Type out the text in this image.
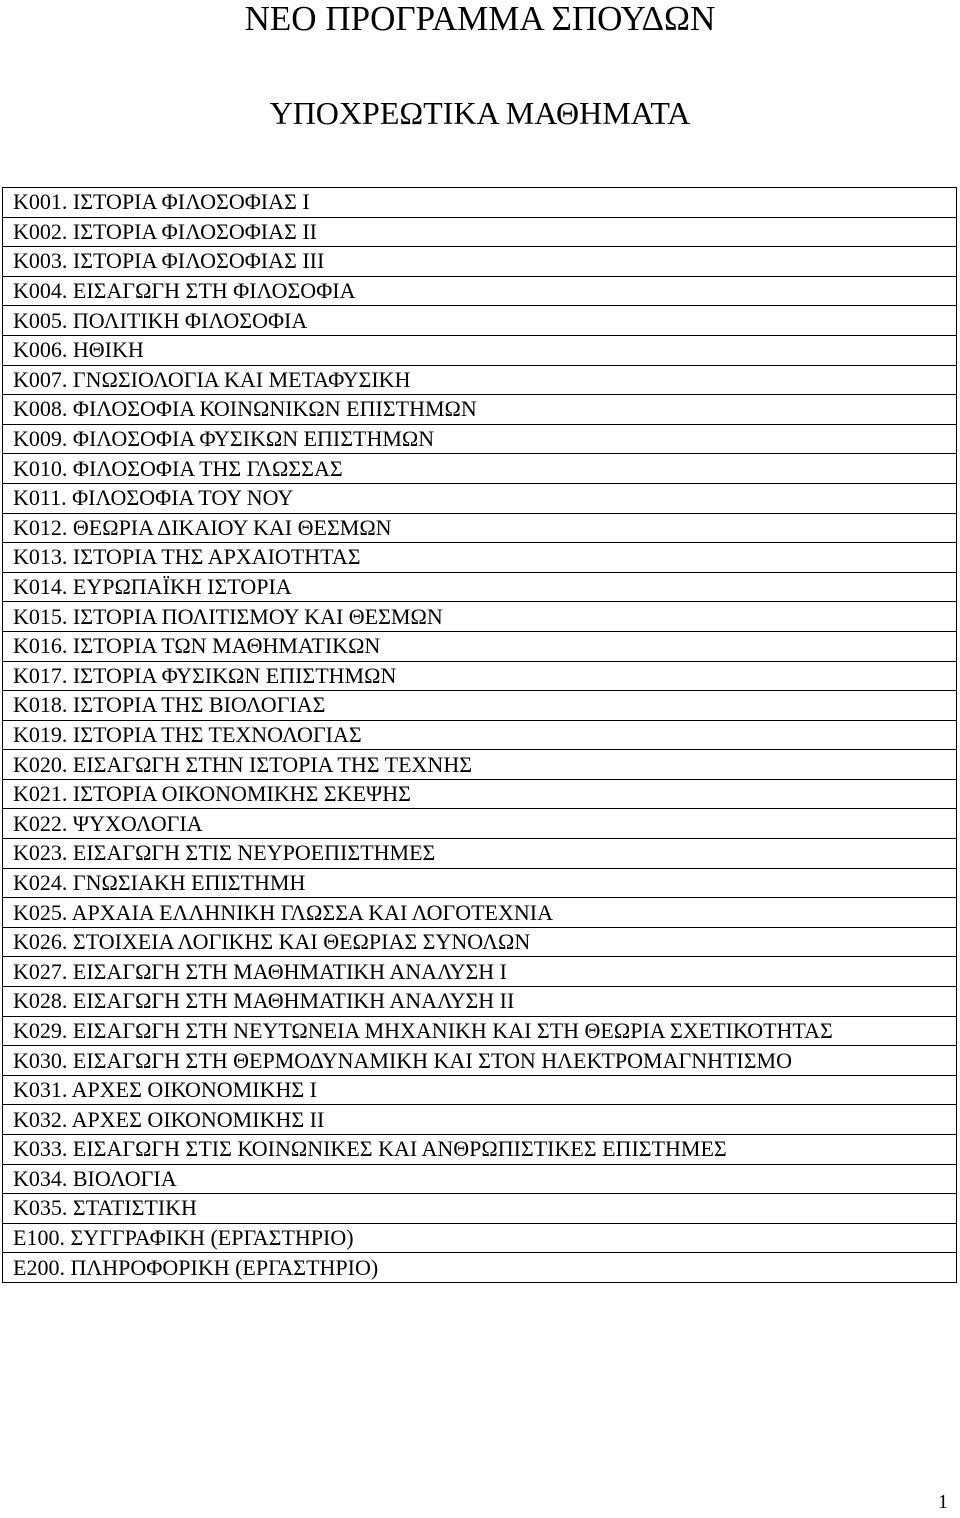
ΝΕΟ ΠΡΟΓΡΑΜΜΑ ΣΠΟΥΔΩΝ
ΥΠΟΧΡΕΩΤΙΚΑ ΜΑΘΗΜΑΤΑ
Κ001. ΙΣΤΟΡΙΑ ΦΙΛΟΣΟΦΙΑΣ Ι
Κ002. ΙΣΤΟΡΙΑ ΦΙΛΟΣΟΦΙΑΣ ΙΙ
Κ003. ΙΣΤΟΡΙΑ ΦΙΛΟΣΟΦΙΑΣ ΙΙΙ
Κ004. ΕΙΣΑΓΩΓΗ ΣΤΗ ΦΙΛΟΣΟΦΙΑ
Κ005. ΠΟΛΙΤΙΚΗ ΦΙΛΟΣΟΦΙΑ
Κ006. ΗΘΙΚΗ
Κ007. ΓΝΩΣΙΟΛΟΓΙΑ ΚΑΙ ΜΕΤΑΦΥΣΙΚΗ
Κ008. ΦΙΛΟΣΟΦΙΑ ΚΟΙΝΩΝΙΚΩΝ ΕΠΙΣΤΗΜΩΝ
Κ009. ΦΙΛΟΣΟΦΙΑ ΦΥΣΙΚΩΝ ΕΠΙΣΤΗΜΩΝ
Κ010. ΦΙΛΟΣΟΦΙΑ ΤΗΣ ΓΛΩΣΣΑΣ
Κ011. ΦΙΛΟΣΟΦΙΑ ΤΟΥ ΝΟΥ
Κ012. ΘΕΩΡΙΑ ΔΙΚΑΙΟΥ ΚΑΙ ΘΕΣΜΩΝ
Κ013. ΙΣΤΟΡΙΑ ΤΗΣ ΑΡΧΑΙΟΤΗΤΑΣ
Κ014. ΕΥΡΩΠΑΪΚΗ ΙΣΤΟΡΙΑ
Κ015. ΙΣΤΟΡΙΑ ΠΟΛΙΤΙΣΜΟΥ ΚΑΙ ΘΕΣΜΩΝ
Κ016. ΙΣΤΟΡΙΑ ΤΩΝ ΜΑΘΗΜΑΤΙΚΩΝ
Κ017. ΙΣΤΟΡΙΑ ΦΥΣΙΚΩΝ ΕΠΙΣΤΗΜΩΝ
Κ018. ΙΣΤΟΡΙΑ ΤΗΣ ΒΙΟΛΟΓΙΑΣ
Κ019. ΙΣΤΟΡΙΑ ΤΗΣ ΤΕΧΝΟΛΟΓΙΑΣ
Κ020. ΕΙΣΑΓΩΓΗ ΣΤΗΝ ΙΣΤΟΡΙΑ ΤΗΣ ΤΕΧΝΗΣ
Κ021. ΙΣΤΟΡΙΑ ΟΙΚΟΝΟΜΙΚΗΣ ΣΚΕΨΗΣ
Κ022. ΨΥΧΟΛΟΓΙΑ
Κ023. ΕΙΣΑΓΩΓΗ ΣΤΙΣ ΝΕΥΡΟΕΠΙΣΤΗΜΕΣ
Κ024. ΓΝΩΣΙΑΚΗ ΕΠΙΣΤΗΜΗ
Κ025. ΑΡΧΑΙΑ ΕΛΛΗΝΙΚΗ ΓΛΩΣΣΑ ΚΑΙ ΛΟΓΟΤΕΧΝΙΑ
Κ026. ΣΤΟΙΧΕΙΑ ΛΟΓΙΚΗΣ ΚΑΙ ΘΕΩΡΙΑΣ ΣΥΝΟΛΩΝ
Κ027. ΕΙΣΑΓΩΓΗ ΣΤΗ ΜΑΘΗΜΑΤΙΚΗ ΑΝΑΛΥΣΗ Ι
Κ028. ΕΙΣΑΓΩΓΗ ΣΤΗ ΜΑΘΗΜΑΤΙΚΗ ΑΝΑΛΥΣΗ ΙΙ
Κ029. ΕΙΣΑΓΩΓΗ ΣΤΗ ΝΕΥΤΩΝΕΙΑ ΜΗΧΑΝΙΚΗ ΚΑΙ ΣΤΗ ΘΕΩΡΙΑ ΣΧΕΤΙΚΟΤΗΤΑΣ
Κ030. ΕΙΣΑΓΩΓΗ ΣΤΗ ΘΕΡΜΟΔΥΝΑΜΙΚΗ ΚΑΙ ΣΤΟΝ ΗΛΕΚΤΡΟΜΑΓΝΗΤΙΣΜΟ
Κ031. ΑΡΧΕΣ ΟΙΚΟΝΟΜΙΚΗΣ Ι
Κ032. ΑΡΧΕΣ ΟΙΚΟΝΟΜΙΚΗΣ ΙΙ
Κ033. ΕΙΣΑΓΩΓΗ ΣΤΙΣ ΚΟΙΝΩΝΙΚΕΣ ΚΑΙ ΑΝΘΡΩΠΙΣΤΙΚΕΣ ΕΠΙΣΤΗΜΕΣ
Κ034. ΒΙΟΛΟΓΙΑ
Κ035. ΣΤΑΤΙΣΤΙΚΗ
Ε100. ΣΥΓΓΡΑΦΙΚΗ (ΕΡΓΑΣΤΗΡΙΟ)
Ε200. ΠΛΗΡΟΦΟΡΙΚΗ (ΕΡΓΑΣΤΗΡΙΟ)
1
